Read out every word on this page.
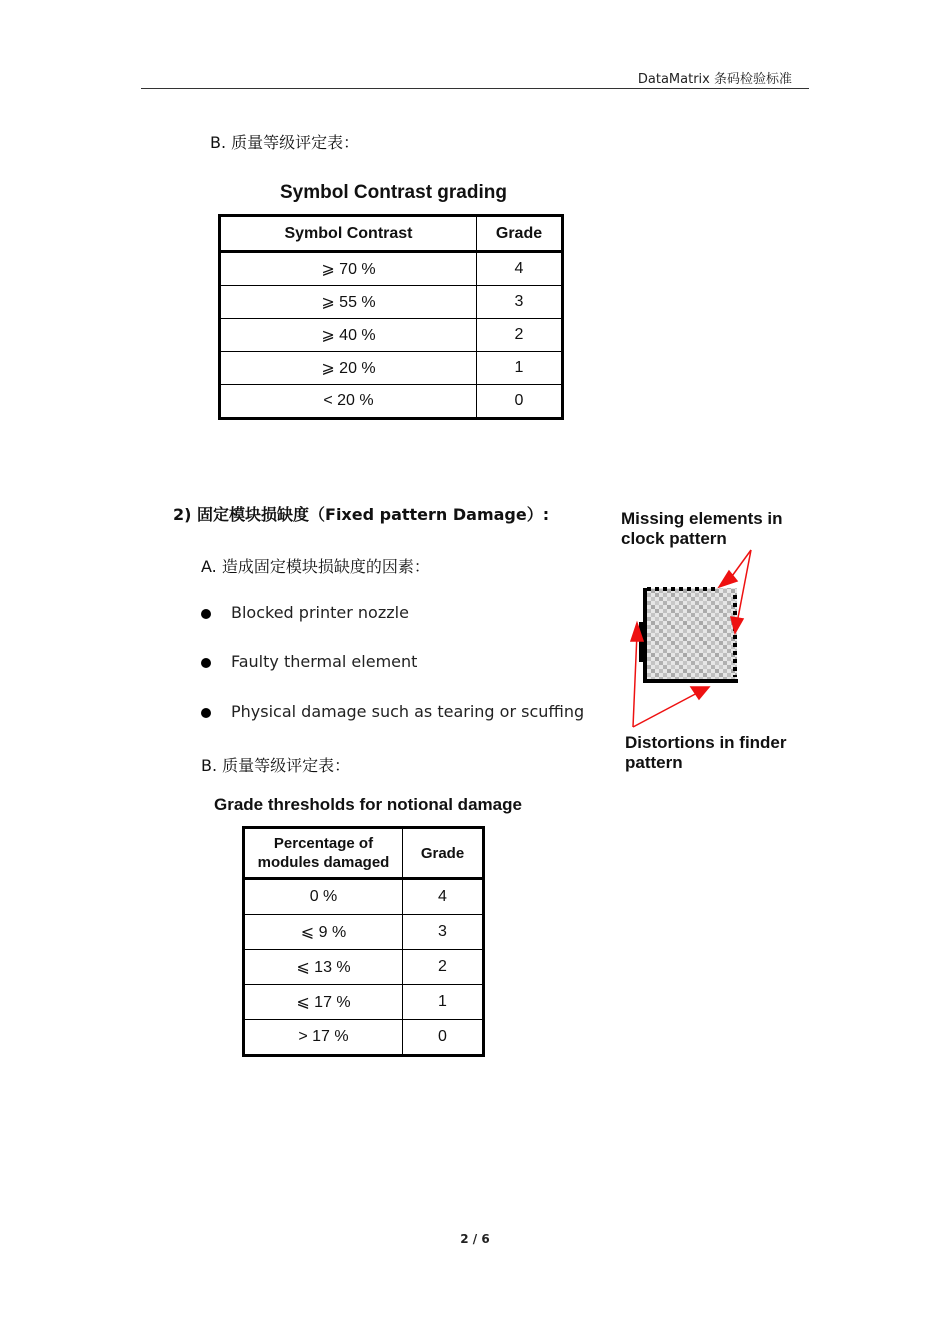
DataMatrix 条码检验标准
B. 质量等级评定表：
Symbol Contrast grading
Symbol Contrast	Grade
⩾ 70 %	4
⩾ 55 %	3
⩾ 40 %	2
⩾ 20 %	1
< 20 %	0
2) 固定模块损缺度（Fixed pattern Damage）:
A. 造成固定模块损缺度的因素：
Blocked printer nozzle
Faulty thermal element
Physical damage such as tearing or scuffing
B. 质量等级评定表：
Missing elements in clock pattern
Distortions in finder pattern
Grade thresholds for notional damage
Percentage of modules damaged	Grade
0 %	4
⩽ 9 %	3
⩽ 13 %	2
⩽ 17 %	1
> 17 %	0
2 / 6
